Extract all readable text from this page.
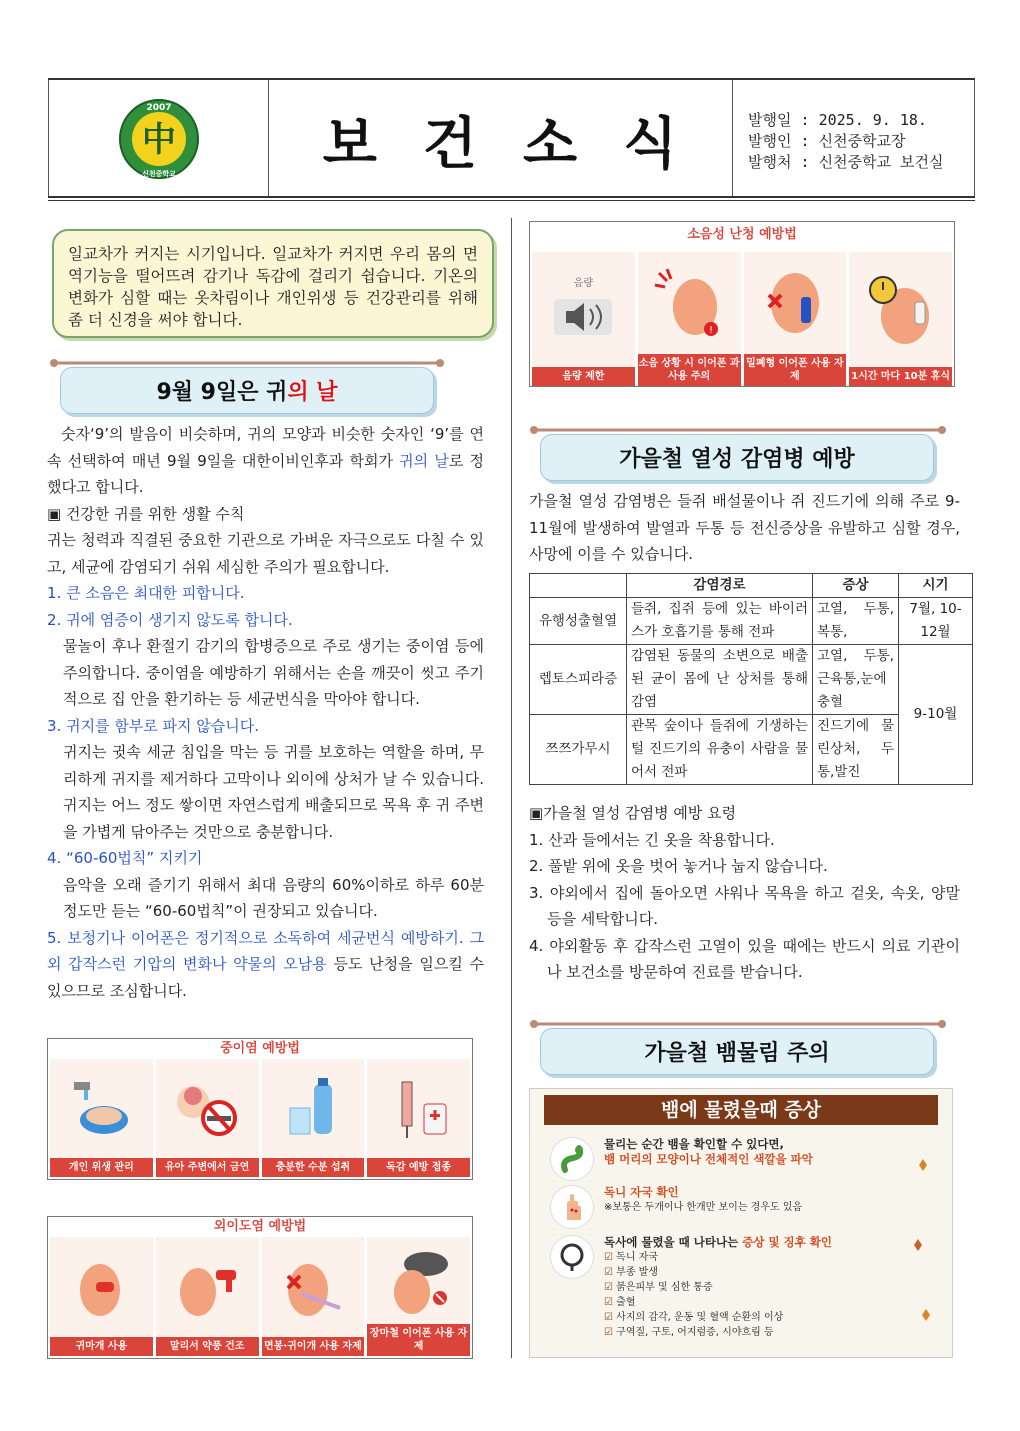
中
2007
신천중학교	보건소식	발행일 : 2025. 9. 18.
발행인 : 신천중학교장
발행처 : 신천중학교 보건실
일교차가 커지는 시기입니다. 일교차가 커지면 우리 몸의 면역기능을 떨어뜨려 감기나 독감에 걸리기 쉽습니다. 기온의 변화가 심할 때는 옷차림이나 개인위생 등 건강관리를 위해 좀 더 신경을 써야 합니다.
9월 9일은 귀 의 날

숫자‘9’의 발음이 비슷하며, 귀의 모양과 비슷한 숫자인 ‘9’를 연속 선택하여 매년 9월 9일을 대한이비인후과 학회가 귀의 날로 정했다고 합니다.

▣ 건강한 귀를 위한 생활 수칙

귀는 청력과 직결된 중요한 기관으로 가벼운 자극으로도 다칠 수 있고, 세균에 감염되기 쉬워 세심한 주의가 필요합니다.

1. 큰 소음은 최대한 피합니다.

2. 귀에 염증이 생기지 않도록 합니다.

물놀이 후나 환절기 감기의 합병증으로 주로 생기는 중이염 등에 주의합니다. 중이염을 예방하기 위해서는 손을 깨끗이 씻고 주기적으로 집 안을 환기하는 등 세균번식을 막아야 합니다.

3. 귀지를 함부로 파지 않습니다.

귀지는 귓속 세균 침입을 막는 등 귀를 보호하는 역할을 하며, 무리하게 귀지를 제거하다 고막이나 외이에 상처가 날 수 있습니다. 귀지는 어느 정도 쌓이면 자연스럽게 배출되므로 목욕 후 귀 주변을 가볍게 닦아주는 것만으로 충분합니다.

4. “60-60법칙” 지키기

음악을 오래 즐기기 위해서 최대 음량의 60%이하로 하루 60분 정도만 듣는 “60-60법칙”이 권장되고 있습니다.

5. 보청기나 이어폰은 정기적으로 소독하여 세균번식 예방하기. 그 외 갑작스런 기압의 변화나 약물의 오남용 등도 난청을 일으킬 수 있으므로 조심합니다.

중이염 예방법
개인 위생 관리	유아 주변에서 금연	충분한 수분 섭취	독감 예방 접종
외이도염 예방법
귀마개 사용	말리서 약풍 건조	면봉·귀이개 사용 자제
장마철 이어폰 사용 자제
소음성 난청 예방법
음량
음량 제한
!
소음 상황 시 이어폰 과사용 주의
밀폐형 이어폰 사용 자제	1시간 마다 10분 휴식
가을철 열성 감염병 예방
가을철 열성 감염병은 들쥐 배설물이나 쥐 진드기에 의해 주로 9-11월에 발생하여 발열과 두통 등 전신증상을 유발하고 심할 경우, 사망에 이를 수 있습니다.
	감염경로	증상	시기
유행성출혈열	들쥐, 집쥐 등에 있는 바이러스가 호흡기를 통해 전파	고열, 두통, 복통,	7월, 10-12월
렙토스피라증	감염된 동물의 소변으로 배출된 균이 몸에 난 상처를 통해 감염	고열, 두통, 근육통,눈에 충혈	9-10월
쯔쯔가무시	관목 숲이나 들쥐에 기생하는 털 진드기의 유충이 사람을 물어서 전파	진드기에 물린상처, 두통,발진	

▣가을철 열성 감염병 예방 요령

1. 산과 들에서는 긴 옷을 착용합니다.

2. 풀밭 위에 옷을 벗어 놓거나 눕지 않습니다.

3. 야외에서 집에 돌아오면 샤워나 목욕을 하고 겉옷, 속옷, 양말 등을 세탁합니다.

4. 야외활동 후 갑작스런 고열이 있을 때에는 반드시 의료 기관이나 보건소를 방문하여 진료를 받습니다.

가을철 뱀물림 주의
뱀에 물렸을때 증상
물리는 순간 뱀을 확인할 수 있다면,
뱀 머리의 모양이나 전체적인 색깔을 파악
독니 자국 확인
※보통은 두개이나 한개만 보이는 경우도 있음
독사에 물렸을 때 나타나는 증상 및 징후 확인
☑ 독니 자국
☑ 부종 발생
☑ 붉은피부 및 심한 통증
☑ 출혈
☑ 사지의 감각, 운동 및 혈액 순환의 이상
☑ 구역질, 구토, 어지럼증, 시야흐림 등
